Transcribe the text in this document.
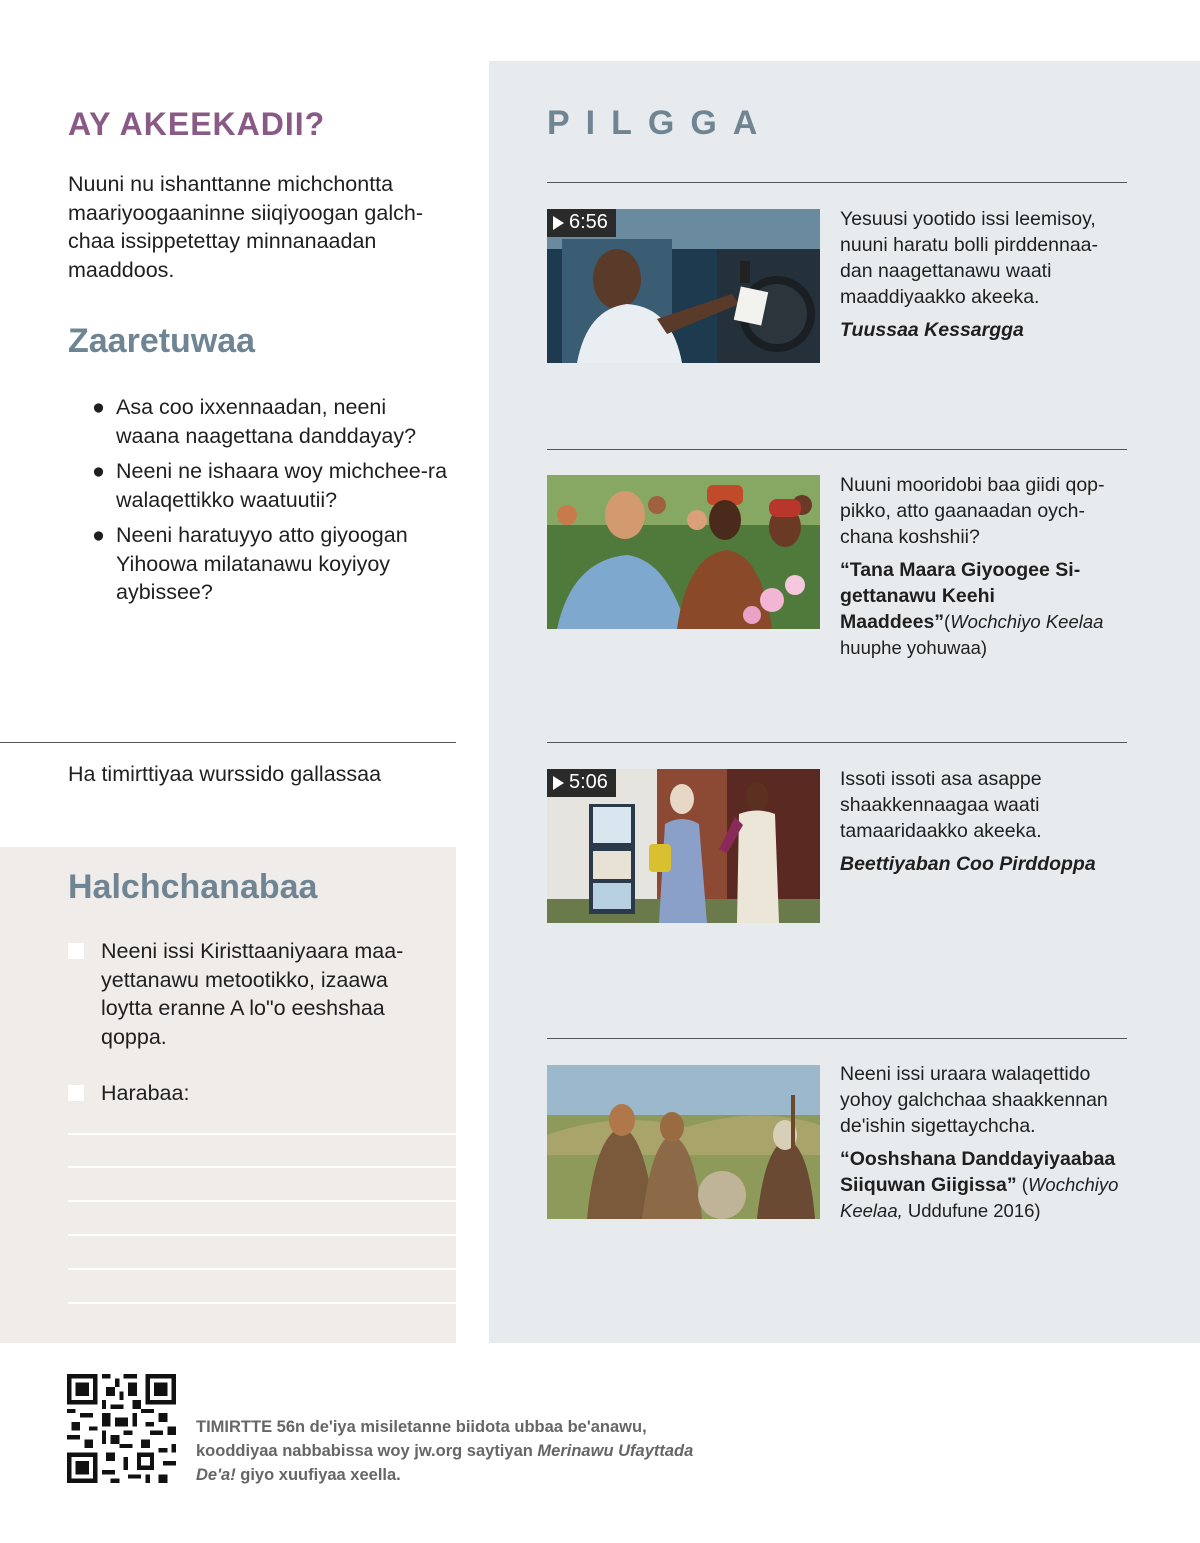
AY AKEEKADII?

Nuuni nu ishanttanne michchontta maariyoogaaninne siiqiyoogan galch-chaa issippetettay minnanaadan maaddoos.

Zaaretuwaa
● Asa coo ixxennaadan, neeni waana naagettana danddayay?
● Neeni ne ishaara woy michchee-ra walaqettikko waatuutii?
● Neeni haratuyyo atto giyoogan Yihoowa milatanawu koyiyoy aybissee?

Ha timirttiyaa wurssido gallassaa

Halchchanabaa
Neeni issi Kiristtaaniyaara maa-yettanawu metootikko, izaawa loytta eranne A lo"o eeshshaa qoppa.
Harabaa:
PILGGA
6:56	Yesuusi yootido issi leemisoy, nuuni haratu bolli pirddennaa-dan naagettanawu waati maaddiyaakko akeeka.

Tuussaa Kessargga

Nuuni mooridobi baa giidi qop-pikko, atto gaanaadan oych-chana koshshii?

“Tana Maara Giyoogee Si-gettanawu Keehi Maaddees”(Wochchiyo Keelaa huuphe yohuwaa)

5:06	Issoti issoti asa asappe shaakkennaagaa waati tamaaridaakko akeeka.

Beettiyaban Coo Pirddoppa

Neeni issi uraara walaqettido yohoy galchchaa shaakkennan de'ishin sigettaychcha.

“Ooshshana Danddayiyaabaa Siiquwan Giigissa” (Wochchiyo Keelaa, Uddufune 2016)

TIMIRTTE 56n de'iya misiletanne biidota ubbaa be'anawu, kooddiyaa nabbabissa woy jw.org saytiyan Merinawu Ufayttada De'a! giyo xuufiyaa xeella.
